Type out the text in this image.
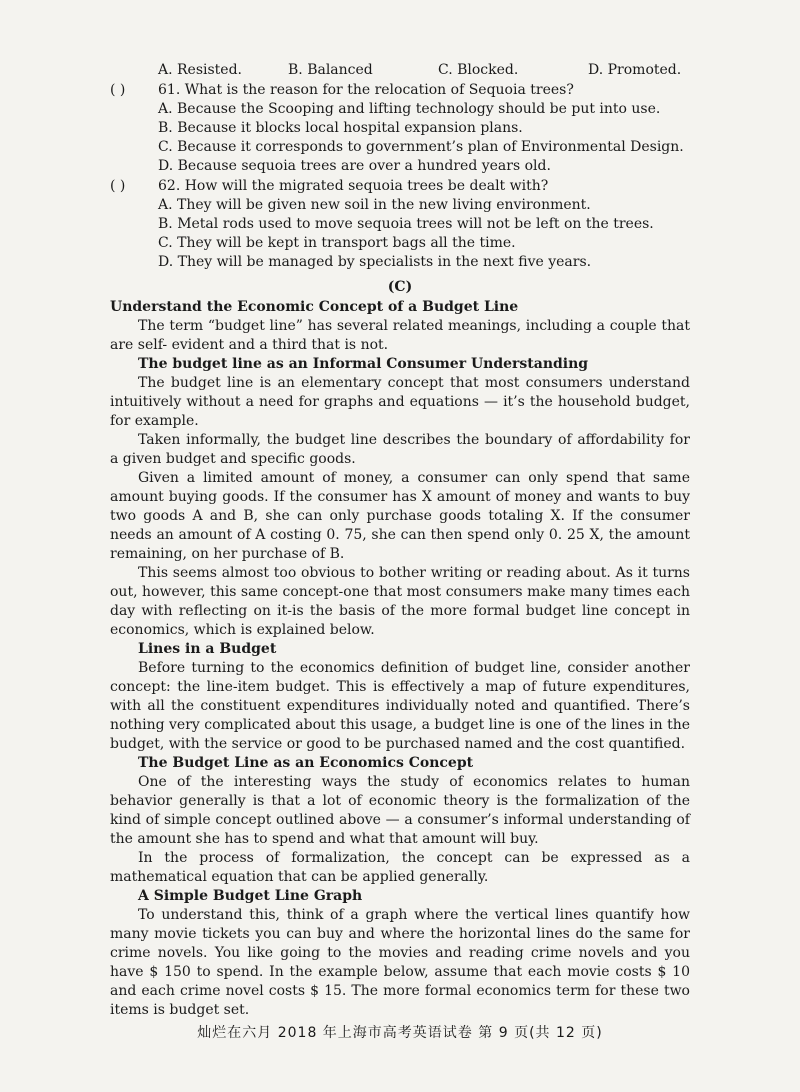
A. Resisted.	B. Balanced	C. Blocked.	D. Promoted.
( ) 61. What is the reason for the relocation of Sequoia trees?
A. Because the Scooping and lifting technology should be put into use.
B. Because it blocks local hospital expansion plans.
C. Because it corresponds to government’s plan of Environmental Design.
D. Because sequoia trees are over a hundred years old.
( ) 62. How will the migrated sequoia trees be dealt with?
A. They will be given new soil in the new living environment.
B. Metal rods used to move sequoia trees will not be left on the trees.
C. They will be kept in transport bags all the time.
D. They will be managed by specialists in the next five years.
(C)
Understand the Economic Concept of a Budget Line

The term “budget line” has several related meanings, including a couple that are self- evident and a third that is not.

The budget line as an Informal Consumer Understanding

The budget line is an elementary concept that most consumers understand intuitively without a need for graphs and equations — it’s the household budget, for example.

Taken informally, the budget line describes the boundary of affordability for a given budget and specific goods.

Given a limited amount of money, a consumer can only spend that same amount buying goods. If the consumer has X amount of money and wants to buy two goods A and B, she can only purchase goods totaling X. If the consumer needs an amount of A costing 0. 75, she can then spend only 0. 25 X, the amount remaining, on her purchase of B.

This seems almost too obvious to bother writing or reading about. As it turns out, however, this same concept-one that most consumers make many times each day with reflecting on it-is the basis of the more formal budget line concept in economics, which is explained below.

Lines in a Budget

Before turning to the economics definition of budget line, consider another concept: the line-item budget. This is effectively a map of future expenditures, with all the constituent expenditures individually noted and quantified. There’s nothing very complicated about this usage, a budget line is one of the lines in the budget, with the service or good to be purchased named and the cost quantified.

The Budget Line as an Economics Concept

One of the interesting ways the study of economics relates to human behavior generally is that a lot of economic theory is the formalization of the kind of simple concept outlined above — a consumer’s informal understanding of the amount she has to spend and what that amount will buy.

In the process of formalization, the concept can be expressed as a mathematical equation that can be applied generally.

A Simple Budget Line Graph

To understand this, think of a graph where the vertical lines quantify how many movie tickets you can buy and where the horizontal lines do the same for crime novels. You like going to the movies and reading crime novels and you have $ 150 to spend. In the example below, assume that each movie costs $ 10 and each crime novel costs $ 15. The more formal economics term for these two items is budget set.

灿烂在六月 2018 年上海市高考英语试卷 第 9 页(共 12 页)
